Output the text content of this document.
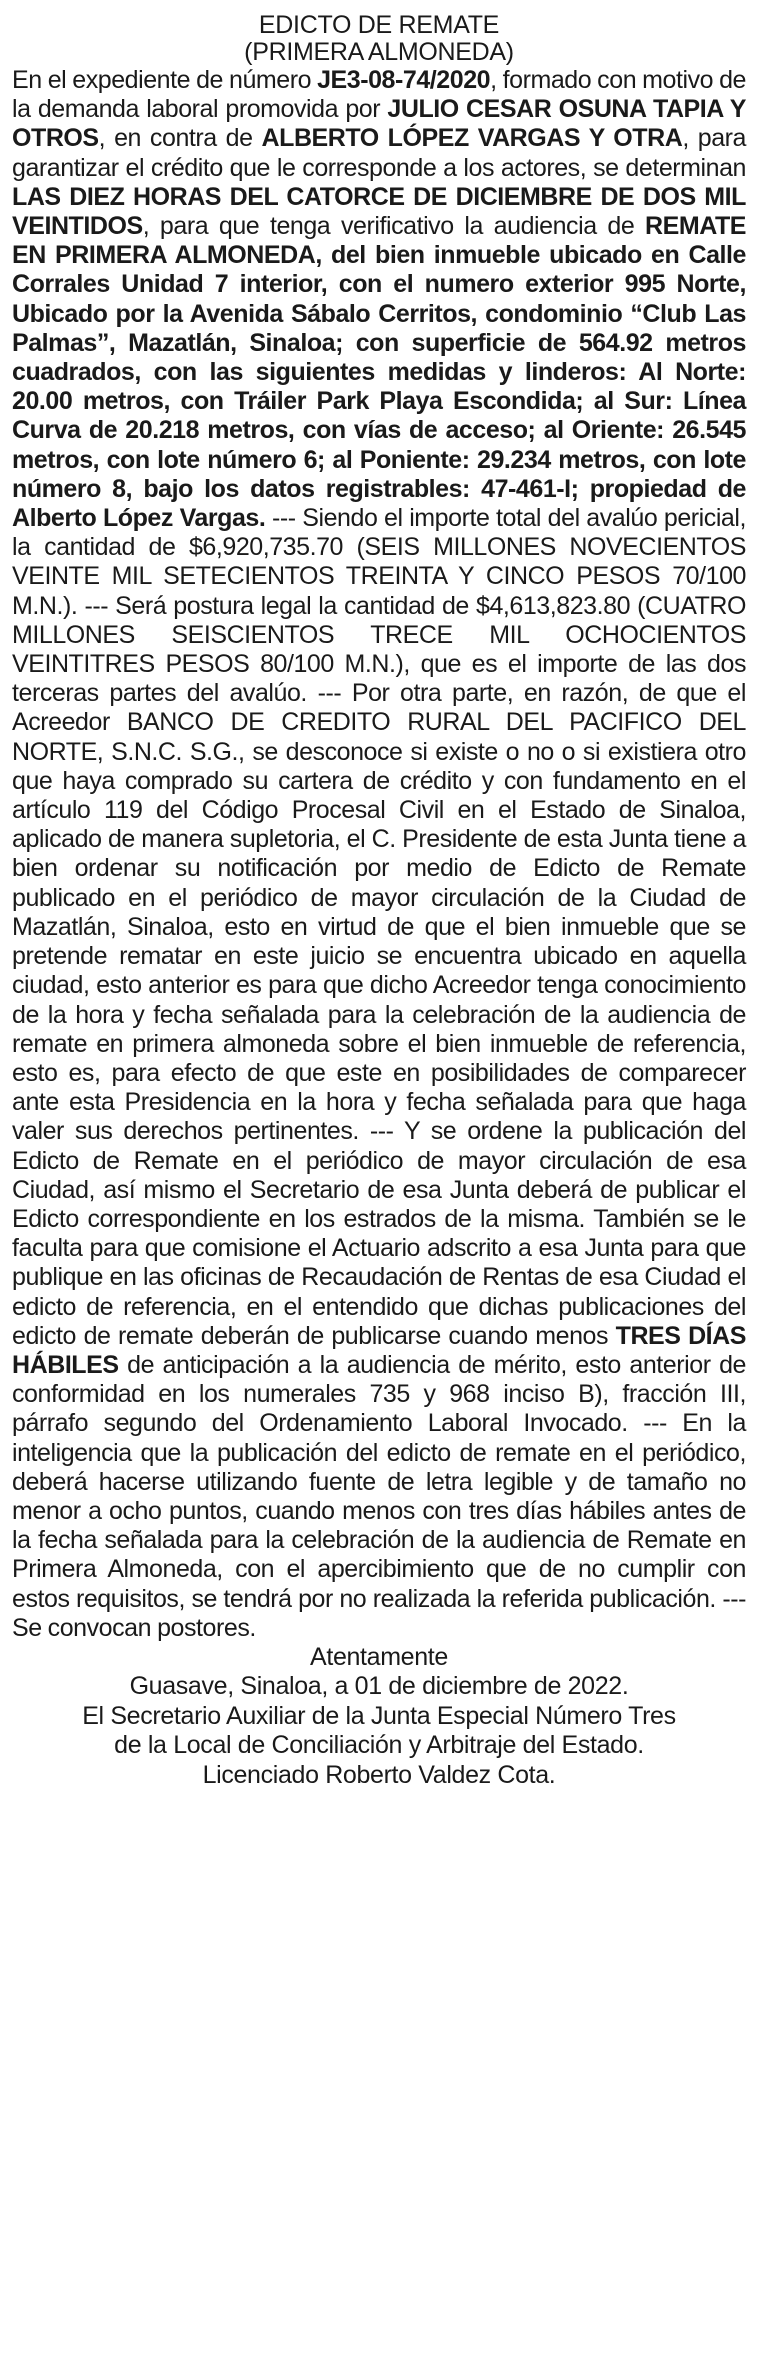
EDICTO DE REMATE

(PRIMERA ALMONEDA)

En el expediente de número JE3-08-74/2020, formado con motivo de la demanda laboral promovida por JULIO CESAR OSUNA TAPIA Y OTROS, en contra de ALBERTO LÓPEZ VARGAS Y OTRA, para garantizar el crédito que le corresponde a los actores, se determinan LAS DIEZ HORAS DEL CATORCE DE DICIEMBRE DE DOS MIL VEINTIDOS, para que tenga verificativo la audiencia de REMATE EN PRIMERA ALMONEDA, del bien inmueble ubicado en Calle Corrales Unidad 7 interior, con el numero exterior 995 Norte, Ubicado por la Avenida Sábalo Cerritos, condominio “Club Las Palmas”, Mazatlán, Sinaloa; con superficie de 564.92 metros cuadrados, con las siguientes medidas y linderos: Al Norte: 20.00 metros, con Tráiler Park Playa Escondida; al Sur: Línea Curva de 20.218 metros, con vías de acceso; al Oriente: 26.545 metros, con lote número 6; al Poniente: 29.234 metros, con lote número 8, bajo los datos registrables: 47-461-I; propiedad de Alberto López Vargas. --- Siendo el importe total del avalúo pericial, la cantidad de $6,920,735.70 (SEIS MILLONES NOVECIENTOS VEINTE MIL SETECIENTOS TREINTA Y CINCO PESOS 70/100 M.N.). --- Será postura legal la cantidad de $4,613,823.80 (CUATRO MILLONES SEISCIENTOS TRECE MIL OCHOCIENTOS VEINTITRES PESOS 80/100 M.N.), que es el importe de las dos terceras partes del avalúo. --- Por otra parte, en razón, de que el Acreedor BANCO DE CREDITO RURAL DEL PACIFICO DEL NORTE, S.N.C. S.G., se desconoce si existe o no o si existiera otro que haya comprado su cartera de crédito y con fundamento en el artículo 119 del Código Procesal Civil en el Estado de Sinaloa, aplicado de manera supletoria, el C. Presidente de esta Junta tiene a bien ordenar su notificación por medio de Edicto de Remate publicado en el periódico de mayor circulación de la Ciudad de Mazatlán, Sinaloa, esto en virtud de que el bien inmueble que se pretende rematar en este juicio se encuentra ubicado en aquella ciudad, esto anterior es para que dicho Acreedor tenga conocimiento de la hora y fecha señalada para la celebración de la audiencia de remate en primera almoneda sobre el bien inmueble de referencia, esto es, para efecto de que este en posibilidades de comparecer ante esta Presidencia en la hora y fecha señalada para que haga valer sus derechos pertinentes. --- Y se ordene la publicación del Edicto de Remate en el periódico de mayor circulación de esa Ciudad, así mismo el Secretario de esa Junta deberá de publicar el Edicto correspondiente en los estrados de la misma. También se le faculta para que comisione el Actuario adscrito a esa Junta para que publique en las oficinas de Recaudación de Rentas de esa Ciudad el edicto de referencia, en el entendido que dichas publicaciones del edicto de remate deberán de publicarse cuando menos TRES DÍAS HÁBILES de anticipación a la audiencia de mérito, esto anterior de conformidad en los numerales 735 y 968 inciso B), fracción III, párrafo segundo del Ordenamiento Laboral Invocado. --- En la inteligencia que la publicación del edicto de remate en el periódico, deberá hacerse utilizando fuente de letra legible y de tamaño no menor a ocho puntos, cuando menos con tres días hábiles antes de la fecha señalada para la celebración de la audiencia de Remate en Primera Almoneda, con el apercibimiento que de no cumplir con estos requisitos, se tendrá por no realizada la referida publicación. --- Se convocan postores.

Atentamente

Guasave, Sinaloa, a 01 de diciembre de 2022.

El Secretario Auxiliar de la Junta Especial Número Tres

de la Local de Conciliación y Arbitraje del Estado.

Licenciado Roberto Valdez Cota.
